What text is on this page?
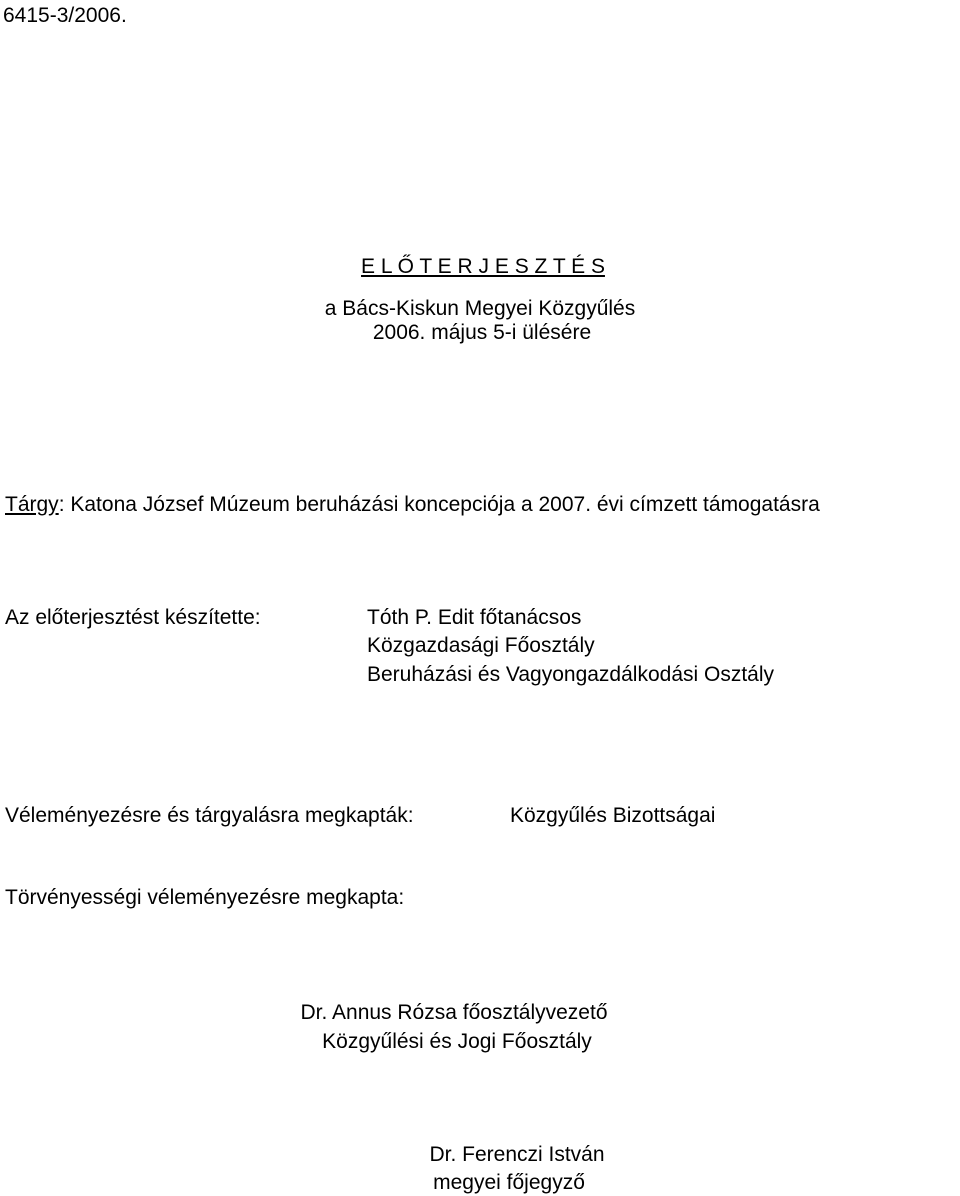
6415-3/2006.
E L Ő T E R J E S Z T É S
a Bács-Kiskun Megyei Közgyűlés
2006. május 5-i ülésére
Tárgy: Katona József Múzeum beruházási koncepciója a 2007. évi címzett támogatásra
Az előterjesztést készítette:	Tóth P. Edit főtanácsos
Közgazdasági Főosztály
Beruházási és Vagyongazdálkodási Osztály
Véleményezésre és tárgyalásra megkapták:	Közgyűlés Bizottságai
Törvényességi véleményezésre megkapta:
Dr. Annus Rózsa főosztályvezető
Közgyűlési és Jogi Főosztály
Dr. Ferenczi István
megyei főjegyző
